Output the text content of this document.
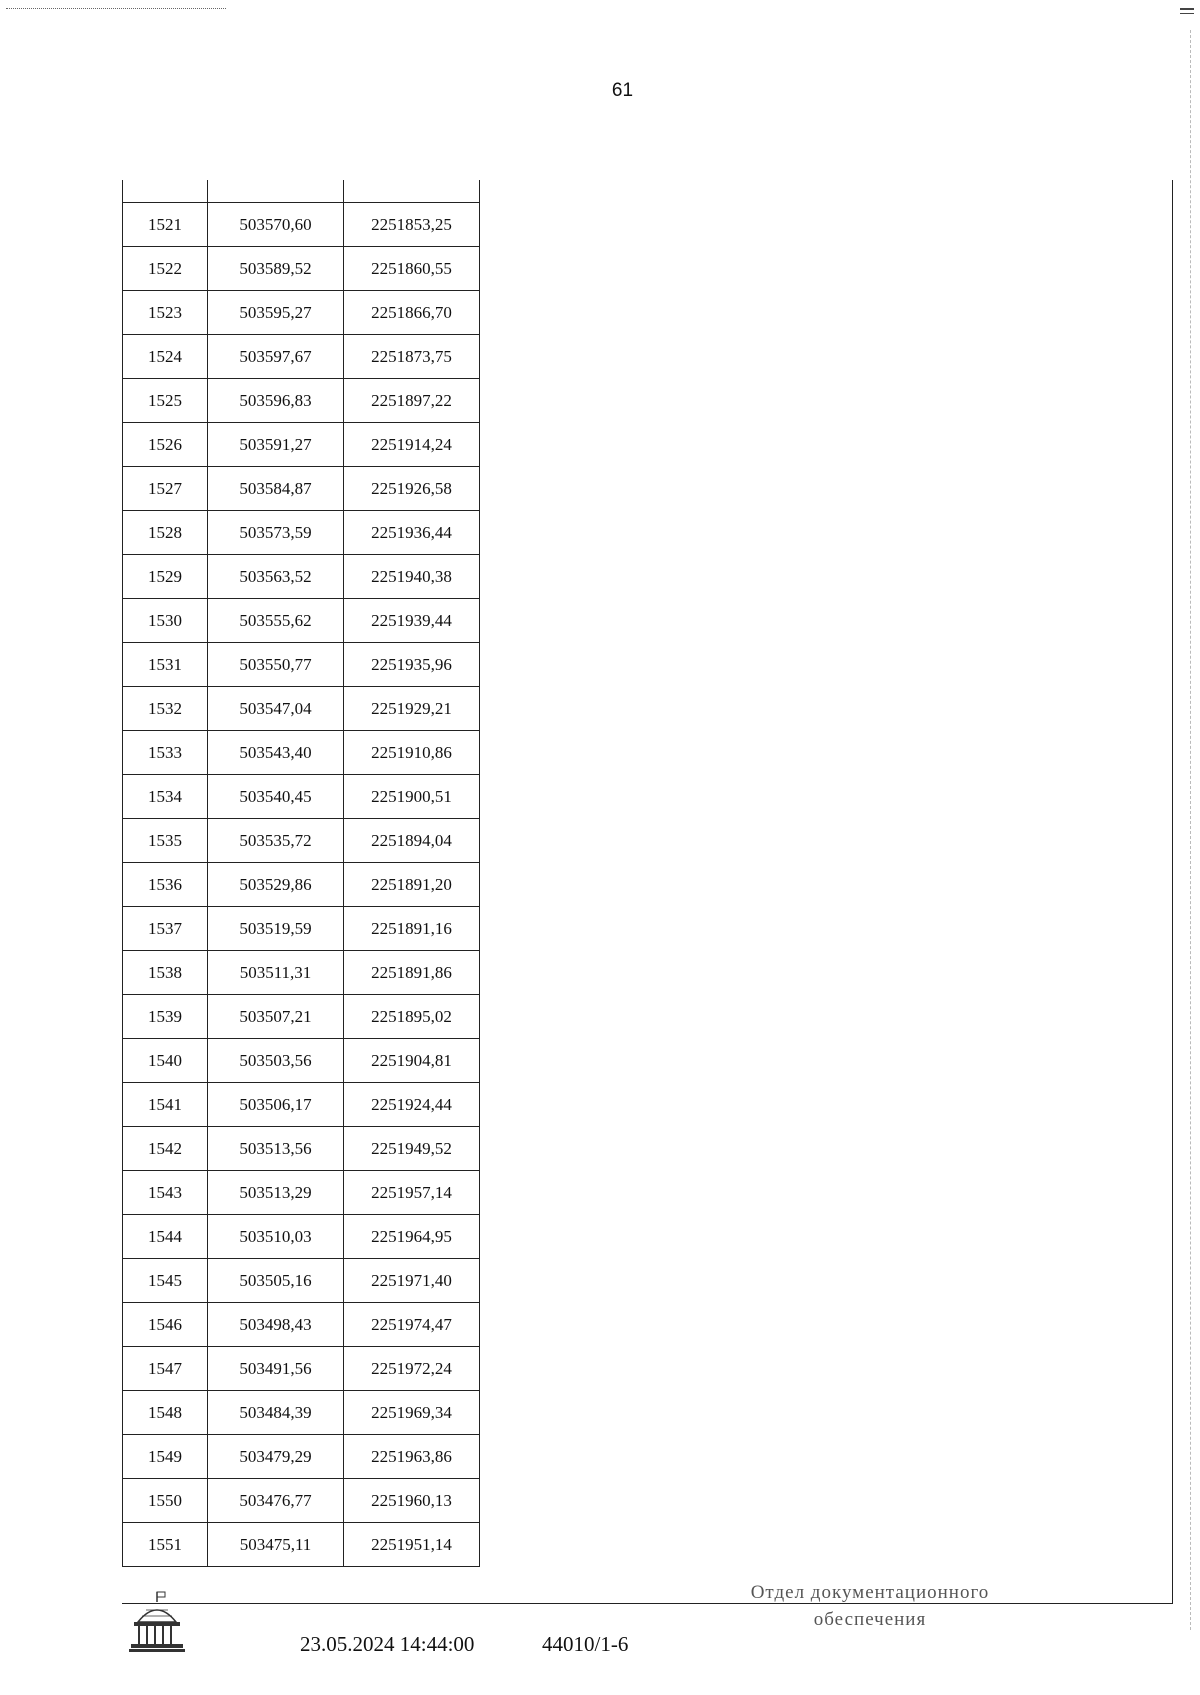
61

1521	503570,60	2251853,25
1522	503589,52	2251860,55
1523	503595,27	2251866,70
1524	503597,67	2251873,75
1525	503596,83	2251897,22
1526	503591,27	2251914,24
1527	503584,87	2251926,58
1528	503573,59	2251936,44
1529	503563,52	2251940,38
1530	503555,62	2251939,44
1531	503550,77	2251935,96
1532	503547,04	2251929,21
1533	503543,40	2251910,86
1534	503540,45	2251900,51
1535	503535,72	2251894,04
1536	503529,86	2251891,20
1537	503519,59	2251891,16
1538	503511,31	2251891,86
1539	503507,21	2251895,02
1540	503503,56	2251904,81
1541	503506,17	2251924,44
1542	503513,56	2251949,52
1543	503513,29	2251957,14
1544	503510,03	2251964,95
1545	503505,16	2251971,40
1546	503498,43	2251974,47
1547	503491,56	2251972,24
1548	503484,39	2251969,34
1549	503479,29	2251963,86
1550	503476,77	2251960,13
1551	503475,11	2251951,14
23.05.2024 14:44:00	44010/1-6
Отдел документационного
обеспечения
